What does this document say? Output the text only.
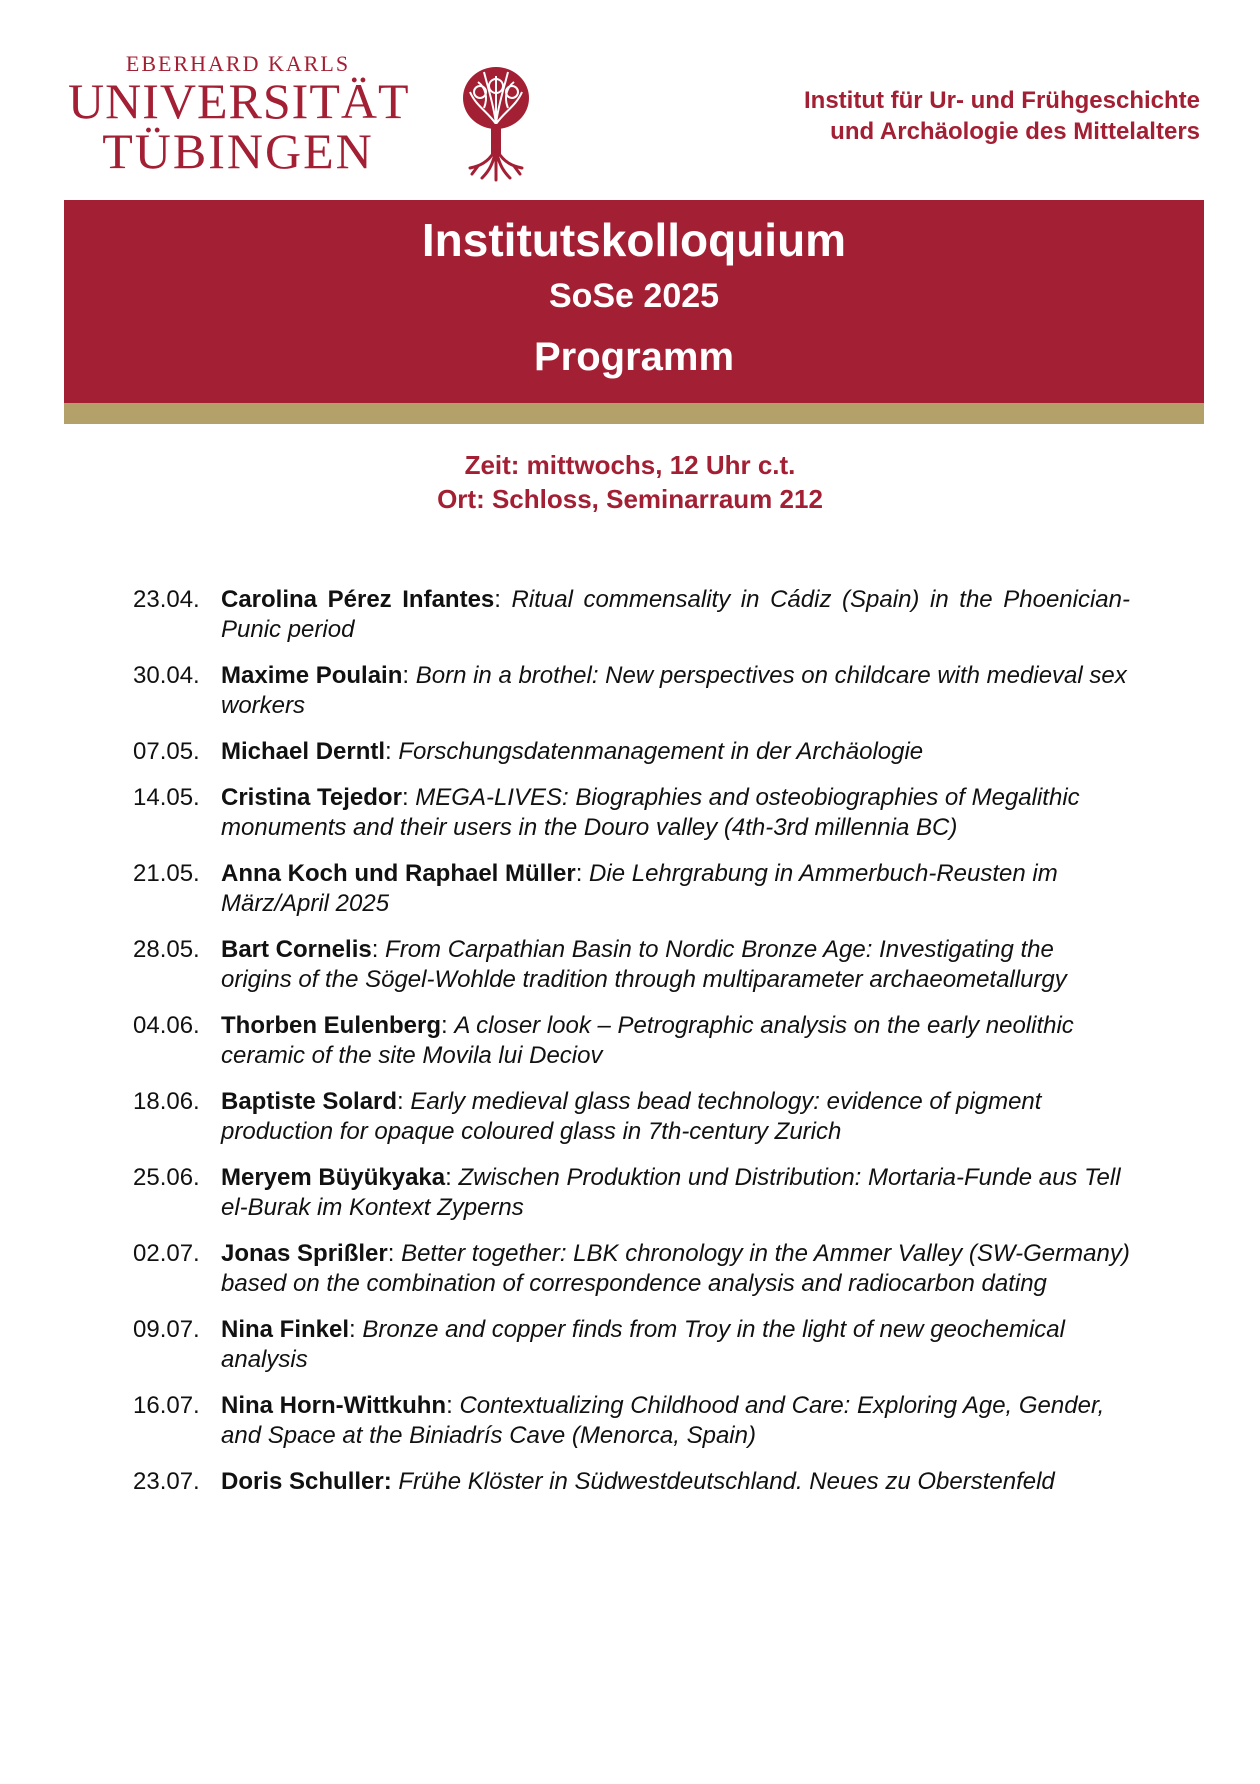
EBERHARD KARLS
UNIVERSITÄT
TÜBINGEN
Institut für Ur- und Frühgeschichte
und Archäologie des Mittelalters
Institutskolloquium
SoSe 2025
Programm
Zeit: mittwochs, 12 Uhr c.t.
Ort: Schloss, Seminarraum 212
23.04. Carolina Pérez Infantes: Ritual commensality in Cádiz (Spain) in the Phoenician-Punic period
30.04. Maxime Poulain: Born in a brothel: New perspectives on childcare with medieval sex workers
07.05. Michael Derntl: Forschungsdatenmanagement in der Archäologie
14.05. Cristina Tejedor: MEGA-LIVES: Biographies and osteobiographies of Megalithic monuments and their users in the Douro valley (4th-3rd millennia BC)
21.05. Anna Koch und Raphael Müller: Die Lehrgrabung in Ammerbuch-Reusten im März/April 2025
28.05. Bart Cornelis: From Carpathian Basin to Nordic Bronze Age: Investigating the origins of the Sögel-Wohlde tradition through multiparameter archaeometallurgy
04.06. Thorben Eulenberg: A closer look – Petrographic analysis on the early neolithic ceramic of the site Movila lui Deciov
18.06. Baptiste Solard: Early medieval glass bead technology: evidence of pigment production for opaque coloured glass in 7th-century Zurich
25.06. Meryem Büyükyaka: Zwischen Produktion und Distribution: Mortaria-Funde aus Tell el-Burak im Kontext Zyperns
02.07. Jonas Sprißler: Better together: LBK chronology in the Ammer Valley (SW-Germany) based on the combination of correspondence analysis and radiocarbon dating
09.07. Nina Finkel: Bronze and copper finds from Troy in the light of new geochemical analysis
16.07. Nina Horn-Wittkuhn: Contextualizing Childhood and Care: Exploring Age, Gender, and Space at the Biniadrís Cave (Menorca, Spain)
23.07. Doris Schuller: Frühe Klöster in Südwestdeutschland. Neues zu Oberstenfeld
